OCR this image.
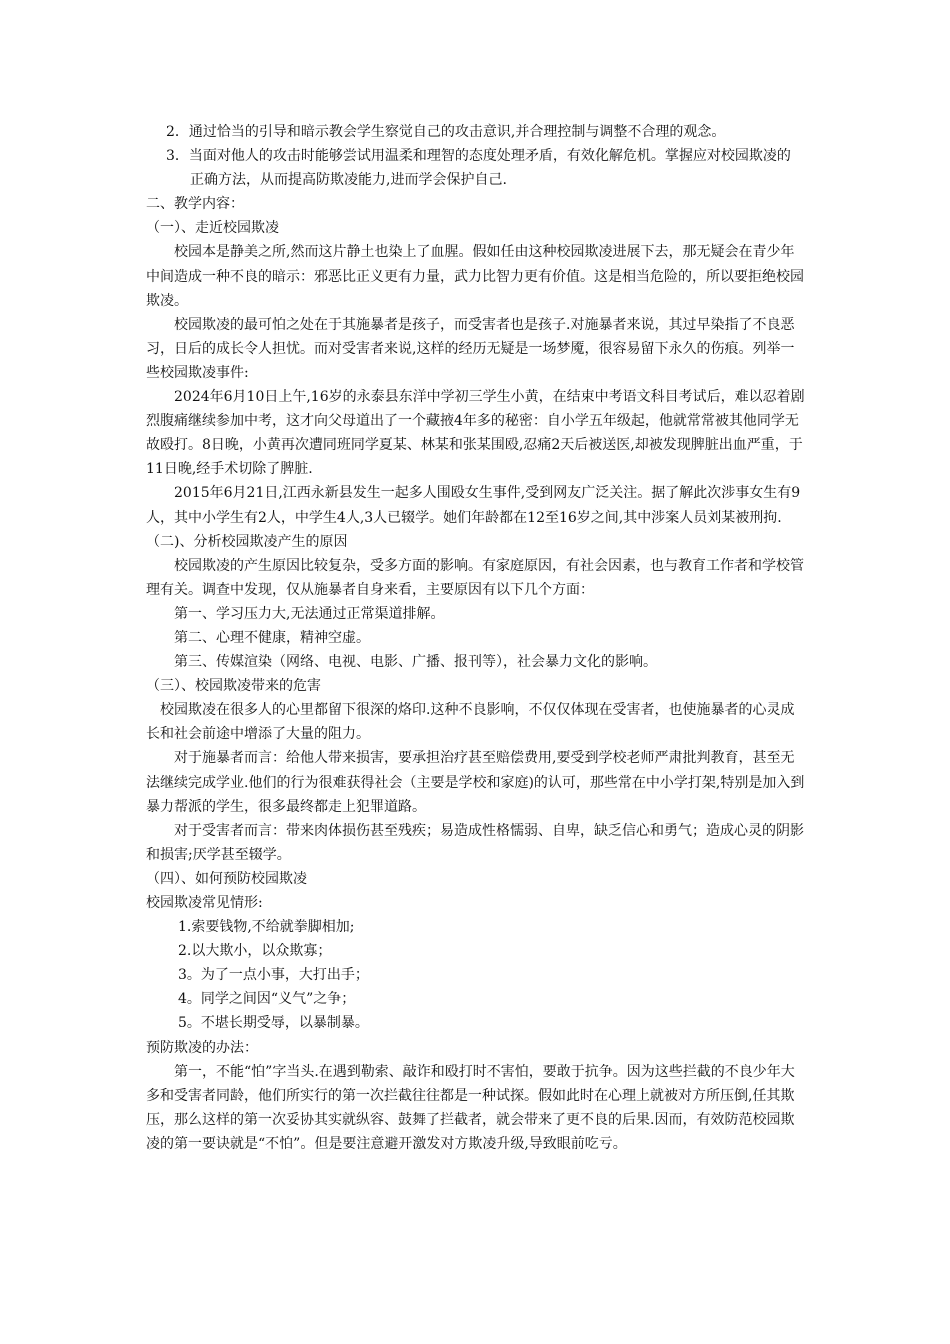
2．通过恰当的引导和暗示教会学生察觉自己的攻击意识,并合理控制与调整不合理的观念。

3．当面对他人的攻击时能够尝试用温柔和理智的态度处理矛盾，有效化解危机。掌握应对校园欺凌的

正确方法，从而提高防欺凌能力,进而学会保护自己.

二、教学内容：

（一）、走近校园欺凌

校园本是静美之所,然而这片静土也染上了血腥。假如任由这种校园欺凌进展下去，那无疑会在青少年中间造成一种不良的暗示：邪恶比正义更有力量，武力比智力更有价值。这是相当危险的，所以要拒绝校园欺凌。

校园欺凌的最可怕之处在于其施暴者是孩子，而受害者也是孩子.对施暴者来说，其过早染指了不良恶习，日后的成长令人担忧。而对受害者来说,这样的经历无疑是一场梦魇，很容易留下永久的伤痕。列举一些校园欺凌事件:

2024年6月10日上午,16岁的永泰县东洋中学初三学生小黄，在结束中考语文科目考试后，难以忍着剧烈腹痛继续参加中考，这才向父母道出了一个藏掖4年多的秘密：自小学五年级起，他就常常被其他同学无故殴打。8日晚，小黄再次遭同班同学夏某、林某和张某围殴,忍痛2天后被送医,却被发现脾脏出血严重，于11日晚,经手术切除了脾脏.

2015年6月21日,江西永新县发生一起多人围殴女生事件,受到网友广泛关注。据了解此次涉事女生有9人，其中小学生有2人，中学生4人,3人已辍学。她们年龄都在12至16岁之间,其中涉案人员刘某被刑拘.

（二)、分析校园欺凌产生的原因

校园欺凌的产生原因比较复杂，受多方面的影响。有家庭原因，有社会因素，也与教育工作者和学校管理有关。调查中发现，仅从施暴者自身来看，主要原因有以下几个方面：

第一、学习压力大,无法通过正常渠道排解。

第二、心理不健康，精神空虚。

第三、传媒渲染（网络、电视、电影、广播、报刊等），社会暴力文化的影响。

（三）、校园欺凌带来的危害

校园欺凌在很多人的心里都留下很深的烙印.这种不良影响，不仅仅体现在受害者，也使施暴者的心灵成长和社会前途中增添了大量的阻力。

对于施暴者而言：给他人带来损害，要承担治疗甚至赔偿费用,要受到学校老师严肃批判教育，甚至无法继续完成学业.他们的行为很难获得社会（主要是学校和家庭)的认可，那些常在中小学打架,特别是加入到暴力帮派的学生，很多最终都走上犯罪道路。

对于受害者而言：带来肉体损伤甚至残疾；易造成性格懦弱、自卑，缺乏信心和勇气；造成心灵的阴影和损害;厌学甚至辍学。

（四）、如何预防校园欺凌

校园欺凌常见情形:

1.索要钱物,不给就拳脚相加;

2.以大欺小，以众欺寡；

3。为了一点小事，大打出手；

4。同学之间因“义气”之争；

5。不堪长期受辱，以暴制暴。

预防欺凌的办法：

第一，不能“怕”字当头.在遇到勒索、敲诈和殴打时不害怕，要敢于抗争。因为这些拦截的不良少年大多和受害者同龄，他们所实行的第一次拦截往往都是一种试探。假如此时在心理上就被对方所压倒,任其欺压，那么这样的第一次妥协其实就纵容、鼓舞了拦截者，就会带来了更不良的后果.因而，有效防范校园欺凌的第一要诀就是“不怕”。但是要注意避开激发对方欺凌升级,导致眼前吃亏。
